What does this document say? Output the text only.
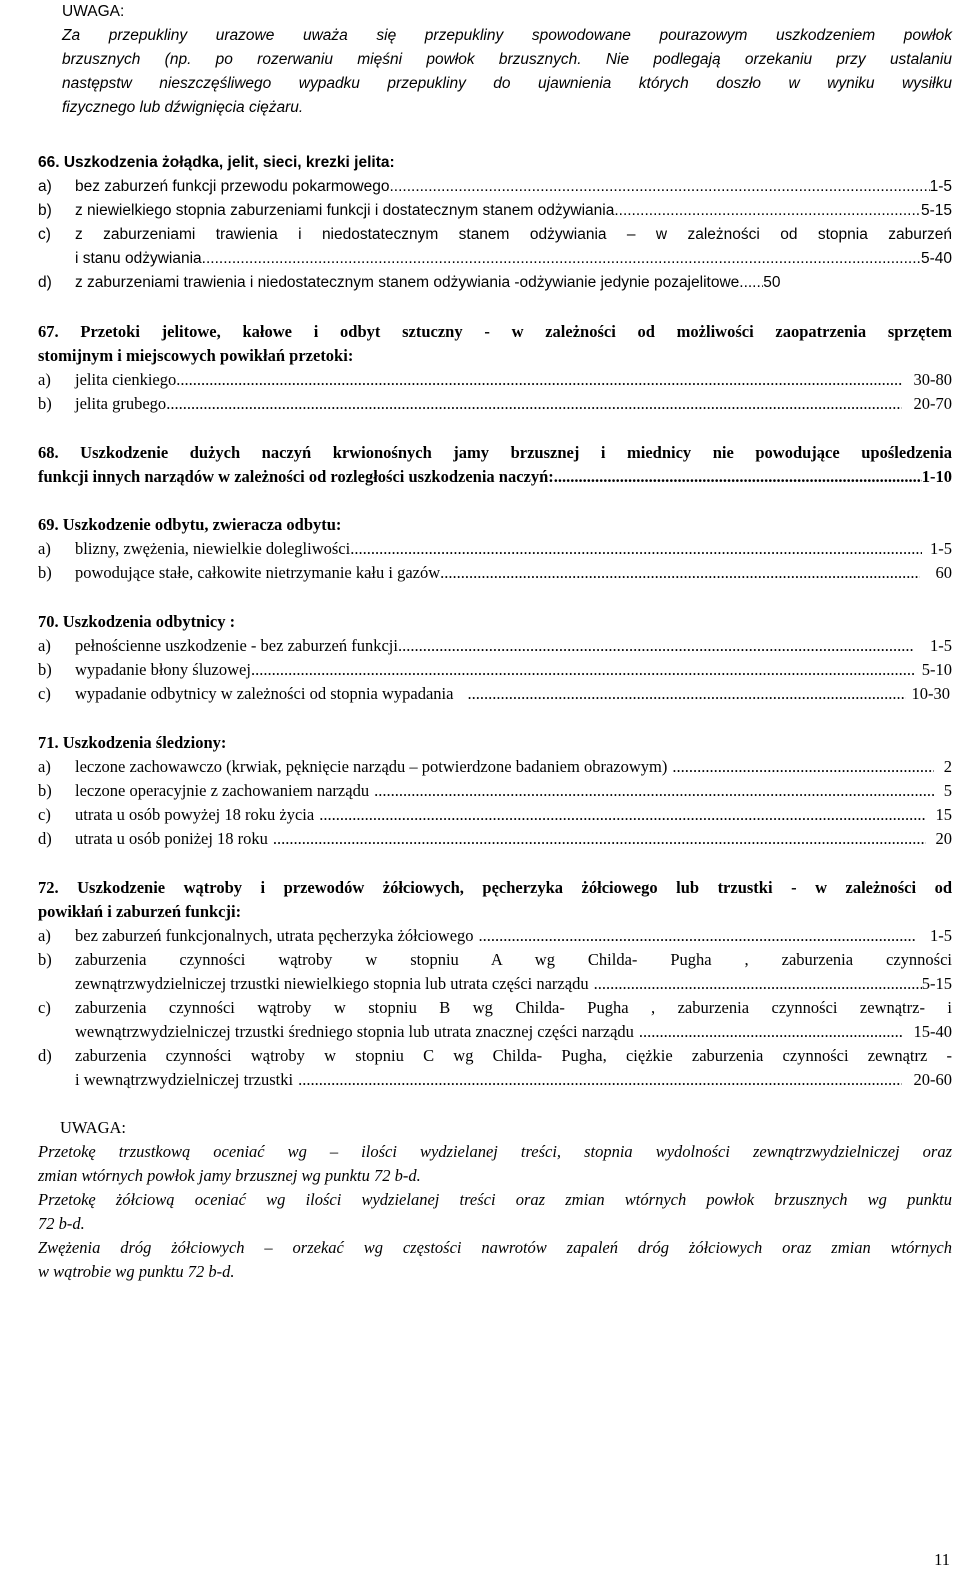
UWAGA:
Za przepukliny urazowe uważa się przepukliny spowodowane pourazowym uszkodzeniem powłok
brzusznych (np. po rozerwaniu mięśni powłok brzusznych. Nie podlegają orzekaniu przy ustalaniu
następstw nieszczęśliwego wypadku przepukliny do ujawnienia których doszło w wyniku wysiłku
fizycznego lub dźwignięcia ciężaru.
66. Uszkodzenia żołądka, jelit, sieci, krezki jelita:
a) bez zaburzeń funkcji przewodu pokarmowego .....	1-5
b) z niewielkiego stopnia zaburzeniami funkcji i dostatecznym stanem odżywiania .....	5-15
c) z zaburzeniami trawienia i niedostatecznym stanem odżywiania – w zależności od stopnia zaburzeń
i stanu odżywiania .....	5-40
d) z zaburzeniami trawienia i niedostatecznym stanem odżywiania -odżywianie jedynie pozajelitowe ..... 50
67. Przetoki jelitowe, kałowe i odbyt sztuczny - w zależności od możliwości zaopatrzenia sprzętem
stomijnym i miejscowych powikłań przetoki:
a) jelita cienkiego .....	30-80
b) jelita grubego .....	20-70
68. Uszkodzenie dużych naczyń krwionośnych jamy brzusznej i miednicy nie powodujące upośledzenia
funkcji innych narządów w zależności od rozległości uszkodzenia naczyń: .....	1-10
69. Uszkodzenie odbytu, zwieracza odbytu:
a) blizny, zwężenia, niewielkie dolegliwości .....	1-5
b) powodujące stałe, całkowite nietrzymanie kału i gazów .....	60
70. Uszkodzenia odbytnicy :
a) pełnościenne uszkodzenie - bez zaburzeń funkcji .....	1-5
b) wypadanie błony śluzowej .....	5-10
c) wypadanie odbytnicy w zależności od stopnia wypadania .....	10-30
71. Uszkodzenia śledziony:
a) leczone zachowawczo (krwiak, pęknięcie narządu – potwierdzone badaniem obrazowym) .....	2
b) leczone operacyjnie z zachowaniem narządu .....	5
c) utrata u osób powyżej 18 roku życia .....	15
d) utrata u osób poniżej 18 roku .....	20
72. Uszkodzenie wątroby i przewodów żółciowych, pęcherzyka żółciowego lub trzustki - w zależności od
powikłań i zaburzeń funkcji:
a) bez zaburzeń funkcjonalnych, utrata pęcherzyka żółciowego .....	1-5
b) zaburzenia czynności wątroby w stopniu A wg Childa- Pugha , zaburzenia czynności
zewnątrzwydzielniczej trzustki niewielkiego stopnia lub utrata części narządu .....	5-15
c) zaburzenia czynności wątroby w stopniu B wg Childa- Pugha , zaburzenia czynności zewnątrz- i
wewnątrzwydzielniczej trzustki średniego stopnia lub utrata znacznej części narządu .....	15-40
d) zaburzenia czynności wątroby w stopniu C wg Childa- Pugha, ciężkie zaburzenia czynności zewnątrz -
i wewnątrzwydzielniczej trzustki .....	20-60
UWAGA:
Przetokę trzustkową oceniać wg – ilości wydzielanej treści, stopnia wydolności zewnątrzwydzielniczej oraz
zmian wtórnych powłok jamy brzusznej wg punktu 72 b-d.
Przetokę żółciową oceniać wg ilości wydzielanej treści oraz zmian wtórnych powłok brzusznych wg punktu
72 b-d.
Zwężenia dróg żółciowych – orzekać wg częstości nawrotów zapaleń dróg żółciowych oraz zmian wtórnych
w wątrobie wg punktu 72 b-d.
11
